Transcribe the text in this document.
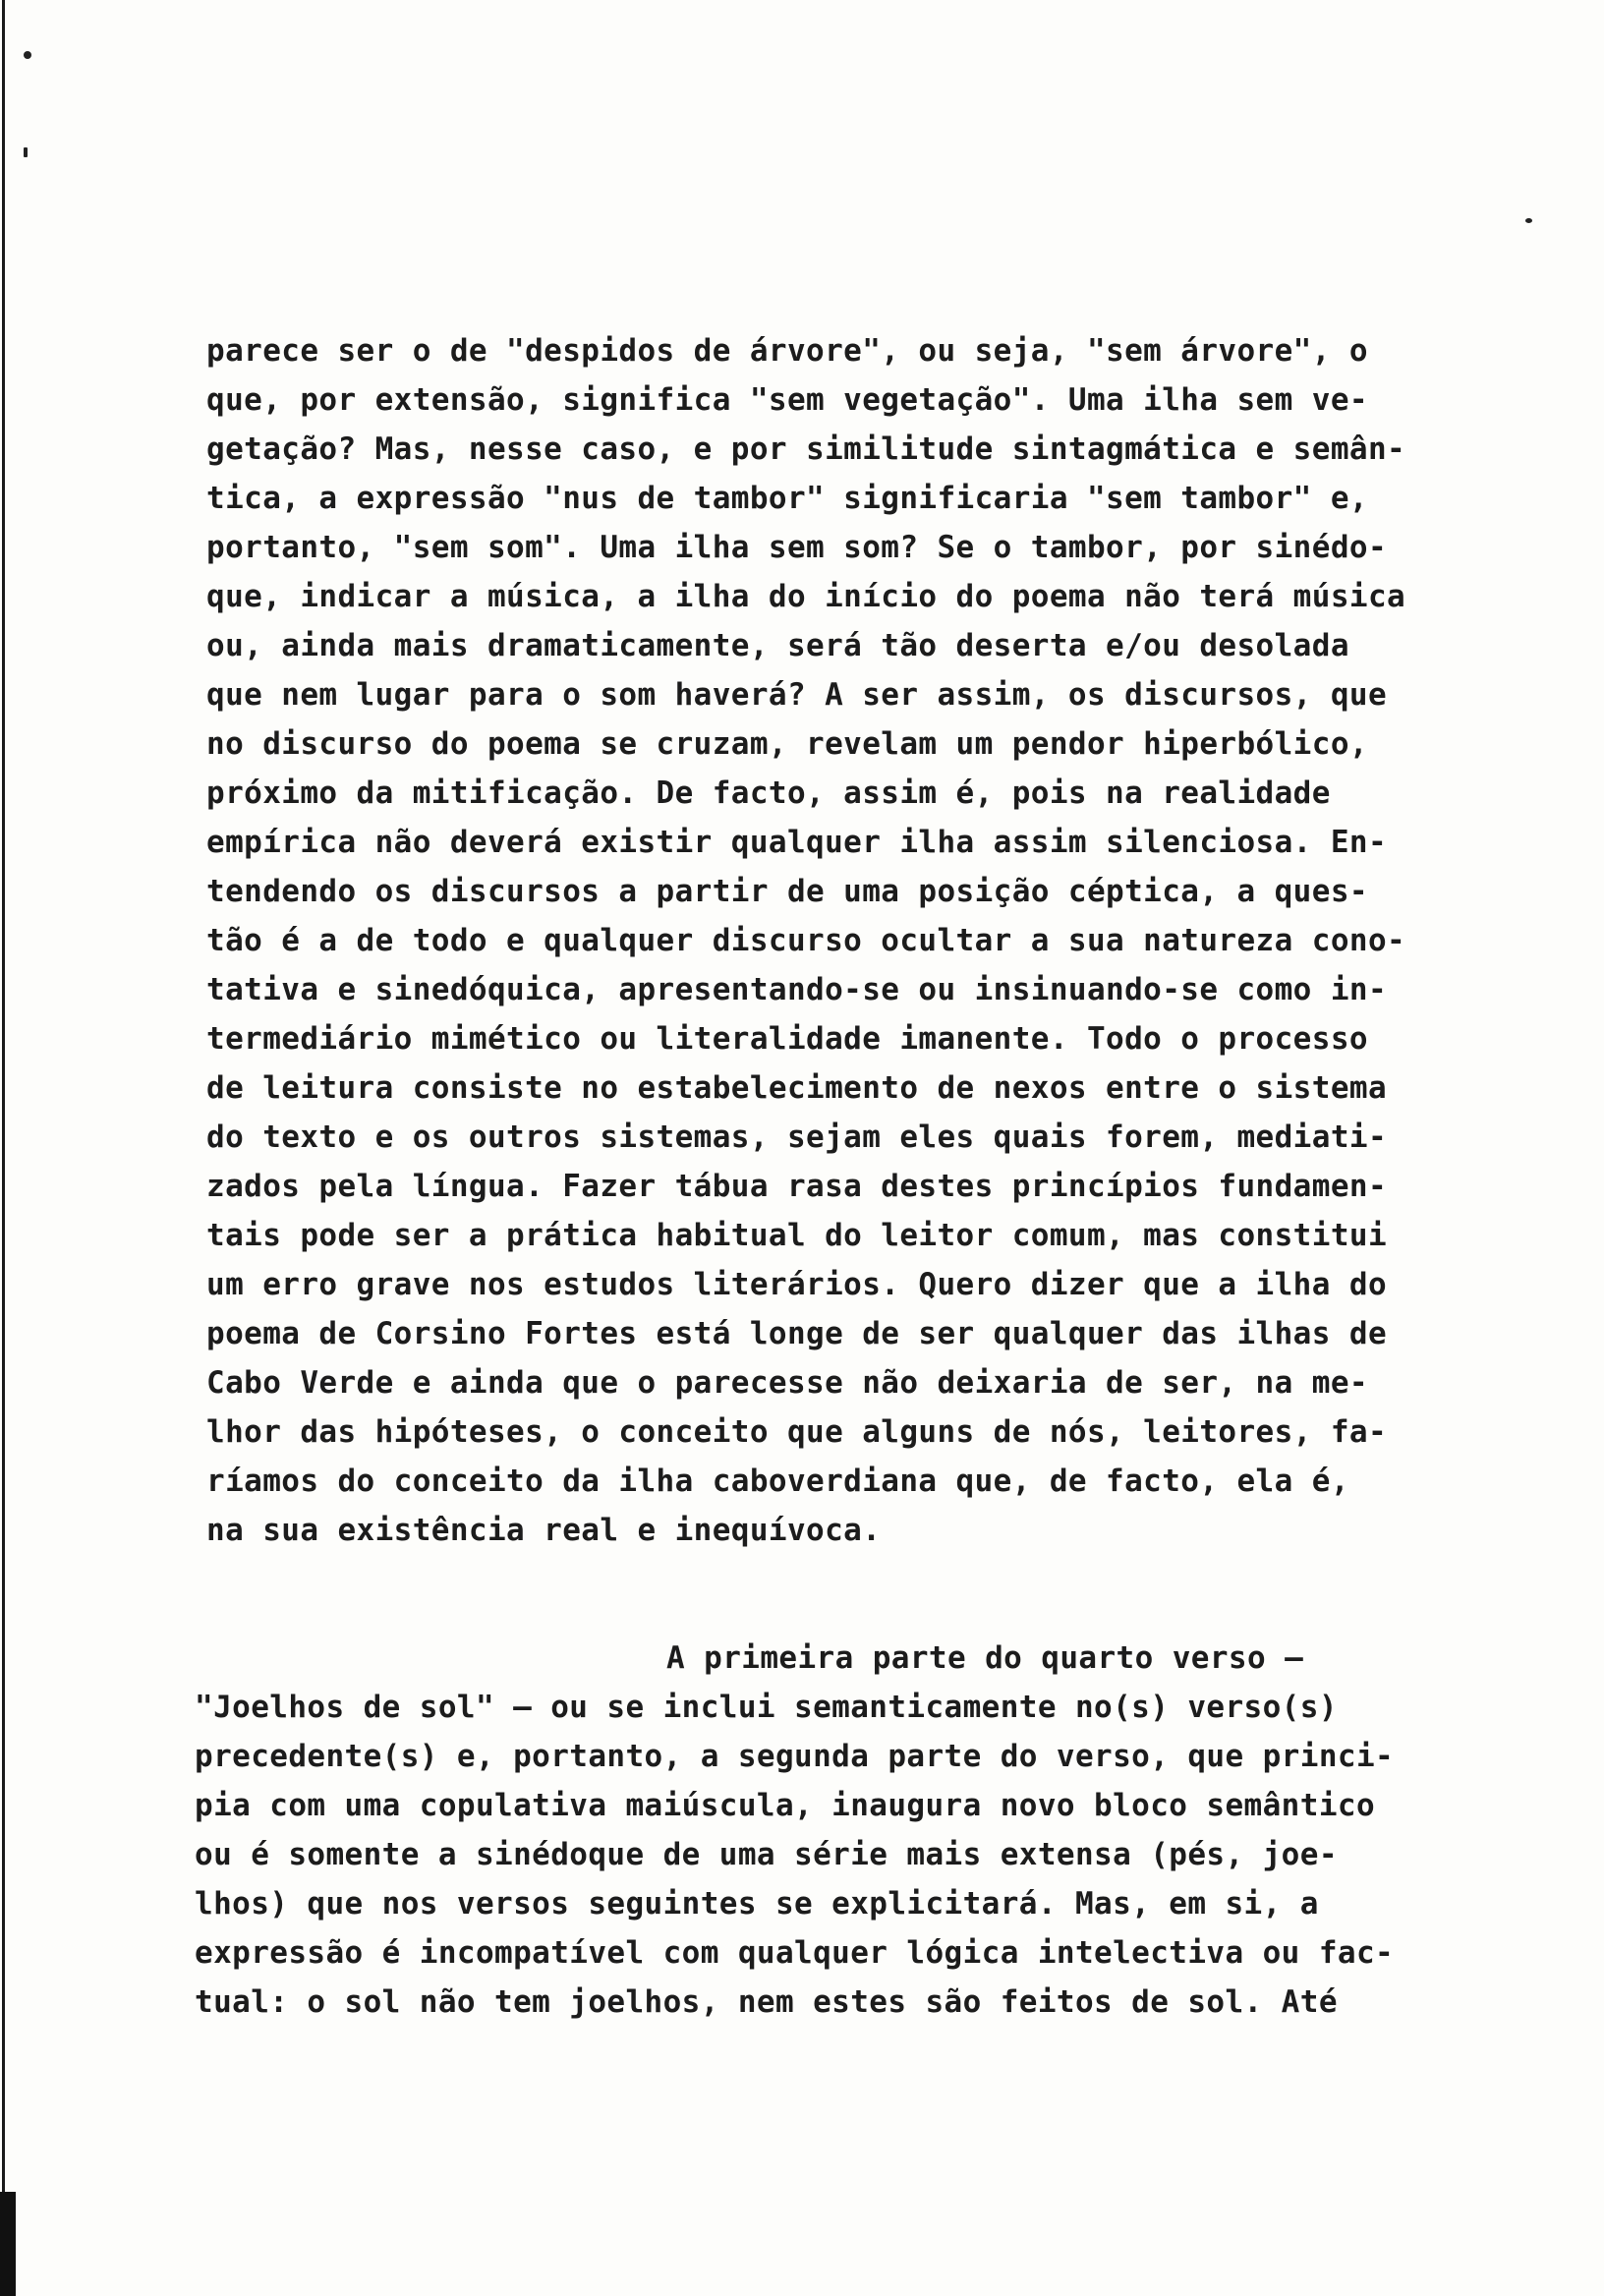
parece ser o de "despidos de árvore", ou seja, "sem árvore", o
que, por extensão, significa "sem vegetação". Uma ilha sem ve-
getação? Mas, nesse caso, e por similitude sintagmática e semân-
tica, a expressão "nus de tambor" significaria "sem tambor" e,
portanto, "sem som". Uma ilha sem som? Se o tambor, por sinédo-
que, indicar a música, a ilha do início do poema não terá música
ou, ainda mais dramaticamente, será tão deserta e/ou desolada
que nem lugar para o som haverá? A ser assim, os discursos, que
no discurso do poema se cruzam, revelam um pendor hiperbólico,
próximo da mitificação. De facto, assim é, pois na realidade
empírica não deverá existir qualquer ilha assim silenciosa. En-
tendendo os discursos a partir de uma posição céptica, a ques-
tão é a de todo e qualquer discurso ocultar a sua natureza cono-
tativa e sinedóquica, apresentando-se ou insinuando-se como in-
termediário mimético ou literalidade imanente. Todo o processo
de leitura consiste no estabelecimento de nexos entre o sistema
do texto e os outros sistemas, sejam eles quais forem, mediati-
zados pela língua. Fazer tábua rasa destes princípios fundamen-
tais pode ser a prática habitual do leitor comum, mas constitui
um erro grave nos estudos literários. Quero dizer que a ilha do
poema de Corsino Fortes está longe de ser qualquer das ilhas de
Cabo Verde e ainda que o parecesse não deixaria de ser, na me-
lhor das hipóteses, o conceito que alguns de nós, leitores, fa-
ríamos do conceito da ilha caboverdiana que, de facto, ela é,
na sua existência real e inequívoca.
A primeira parte do quarto verso —
"Joelhos de sol" — ou se inclui semanticamente no(s) verso(s)
precedente(s) e, portanto, a segunda parte do verso, que princi-
pia com uma copulativa maiúscula, inaugura novo bloco semântico
ou é somente a sinédoque de uma série mais extensa (pés, joe-
lhos) que nos versos seguintes se explicitará. Mas, em si, a
expressão é incompatível com qualquer lógica intelectiva ou fac-
tual: o sol não tem joelhos, nem estes são feitos de sol. Até
